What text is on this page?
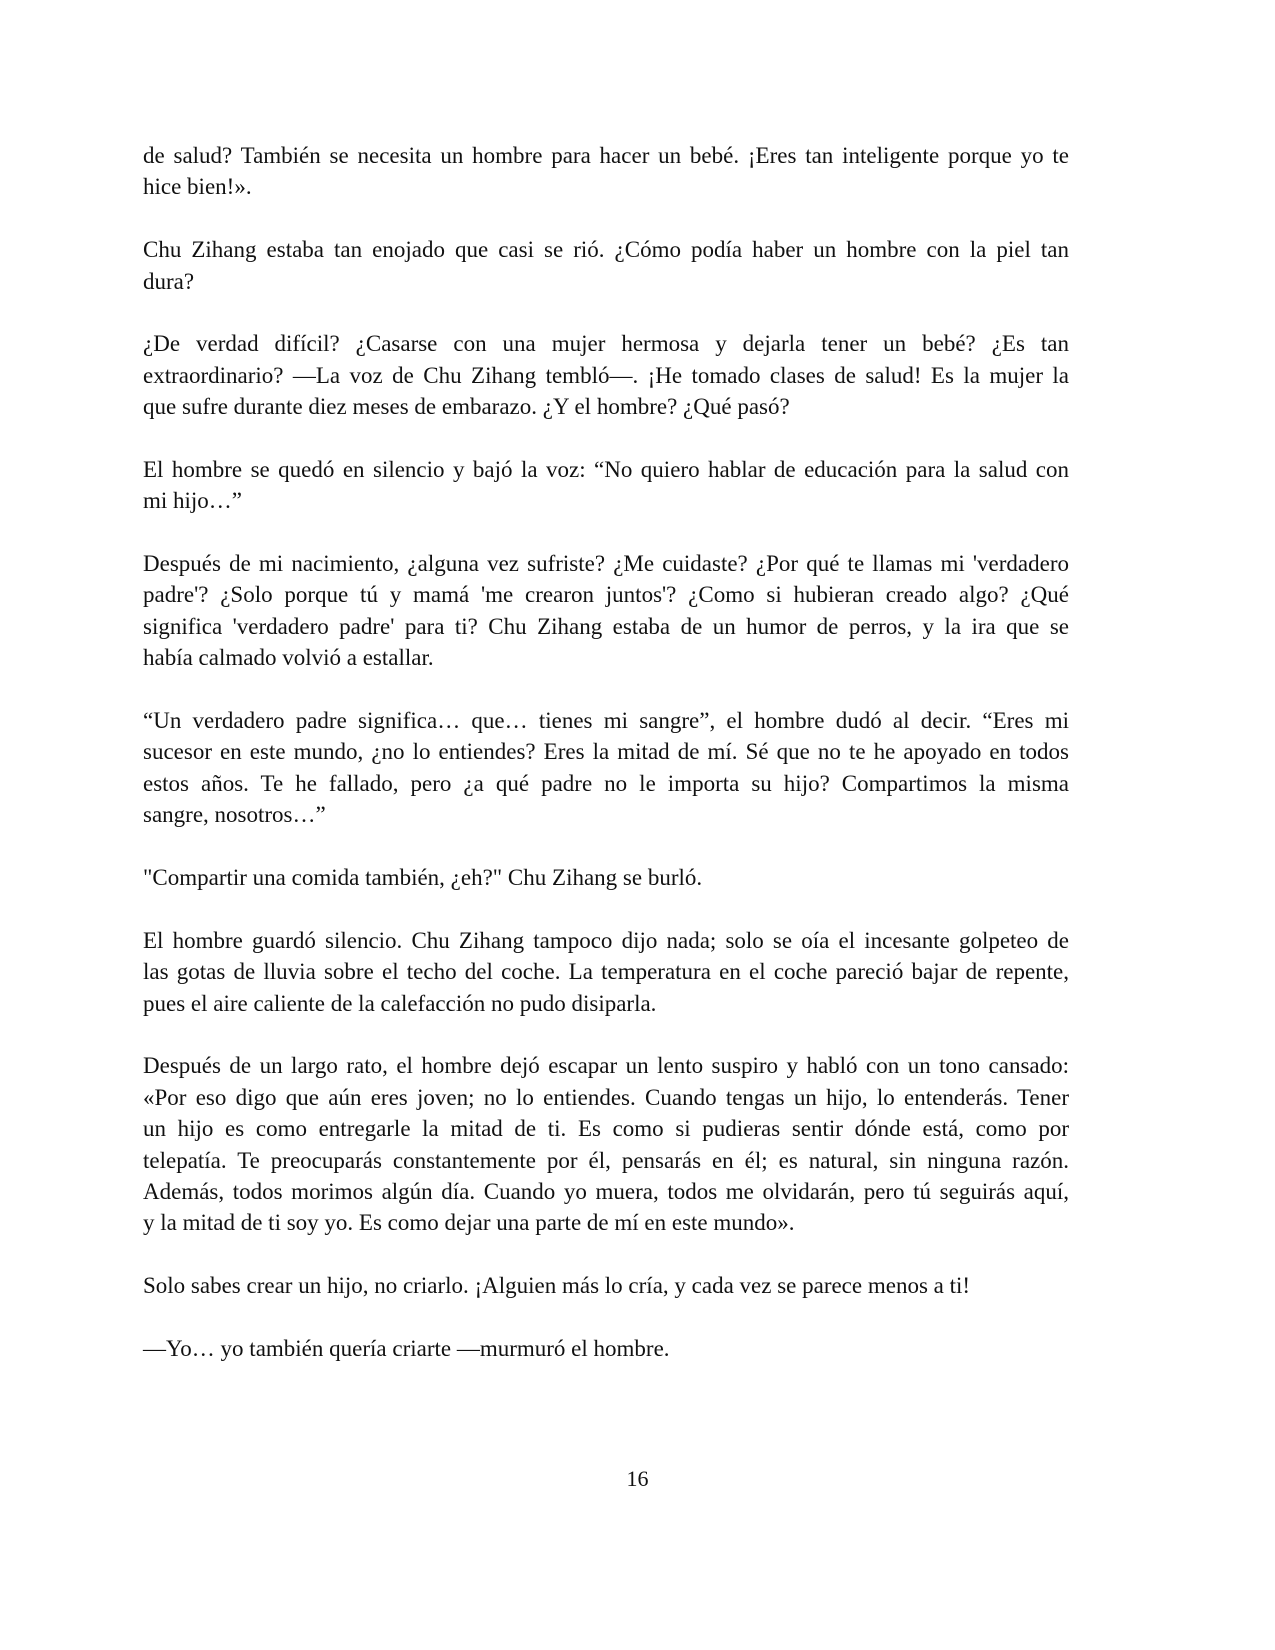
de salud? También se necesita un hombre para hacer un bebé. ¡Eres tan inteligente porque yo te
hice bien!».
Chu Zihang estaba tan enojado que casi se rió. ¿Cómo podía haber un hombre con la piel tan
dura?
¿De verdad difícil? ¿Casarse con una mujer hermosa y dejarla tener un bebé? ¿Es tan
extraordinario? —La voz de Chu Zihang tembló—. ¡He tomado clases de salud! Es la mujer la
que sufre durante diez meses de embarazo. ¿Y el hombre? ¿Qué pasó?
El hombre se quedó en silencio y bajó la voz: “No quiero hablar de educación para la salud con
mi hijo…”
Después de mi nacimiento, ¿alguna vez sufriste? ¿Me cuidaste? ¿Por qué te llamas mi 'verdadero
padre'? ¿Solo porque tú y mamá 'me crearon juntos'? ¿Como si hubieran creado algo? ¿Qué
significa 'verdadero padre' para ti? Chu Zihang estaba de un humor de perros, y la ira que se
había calmado volvió a estallar.
“Un verdadero padre significa… que… tienes mi sangre”, el hombre dudó al decir. “Eres mi
sucesor en este mundo, ¿no lo entiendes? Eres la mitad de mí. Sé que no te he apoyado en todos
estos años. Te he fallado, pero ¿a qué padre no le importa su hijo? Compartimos la misma
sangre, nosotros…”
"Compartir una comida también, ¿eh?" Chu Zihang se burló.
El hombre guardó silencio. Chu Zihang tampoco dijo nada; solo se oía el incesante golpeteo de
las gotas de lluvia sobre el techo del coche. La temperatura en el coche pareció bajar de repente,
pues el aire caliente de la calefacción no pudo disiparla.
Después de un largo rato, el hombre dejó escapar un lento suspiro y habló con un tono cansado:
«Por eso digo que aún eres joven; no lo entiendes. Cuando tengas un hijo, lo entenderás. Tener
un hijo es como entregarle la mitad de ti. Es como si pudieras sentir dónde está, como por
telepatía. Te preocuparás constantemente por él, pensarás en él; es natural, sin ninguna razón.
Además, todos morimos algún día. Cuando yo muera, todos me olvidarán, pero tú seguirás aquí,
y la mitad de ti soy yo. Es como dejar una parte de mí en este mundo».
Solo sabes crear un hijo, no criarlo. ¡Alguien más lo cría, y cada vez se parece menos a ti!
—Yo… yo también quería criarte —murmuró el hombre.
16
